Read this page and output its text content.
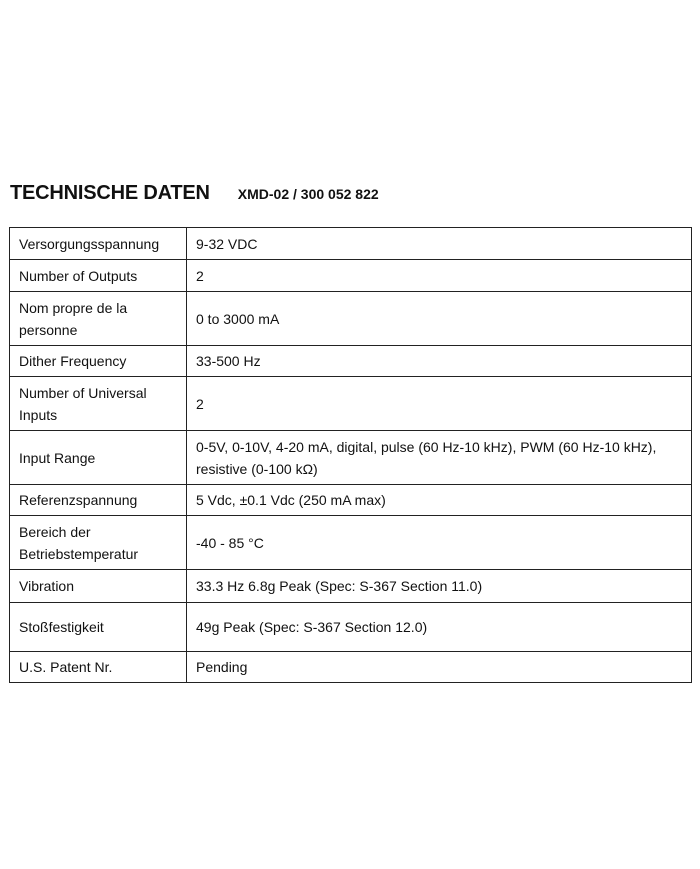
TECHNISCHE DATEN XMD-02 / 300 052 822
Versorgungsspannung	9-32 VDC
Number of Outputs	2
Nom propre de la personne	0 to 3000 mA
Dither Frequency	33-500 Hz
Number of Universal Inputs	2
Input Range	0-5V, 0-10V, 4-20 mA, digital, pulse (60 Hz-10 kHz), PWM (60 Hz-10 kHz), resistive (0-100 kΩ)
Referenzspannung	5 Vdc, ±0.1 Vdc (250 mA max)
Bereich der Betriebstemperatur	-40 - 85 °C
Vibration	33.3 Hz 6.8g Peak (Spec: S-367 Section 11.0)
Stoßfestigkeit	49g Peak (Spec: S-367 Section 12.0)
U.S. Patent Nr.	Pending
